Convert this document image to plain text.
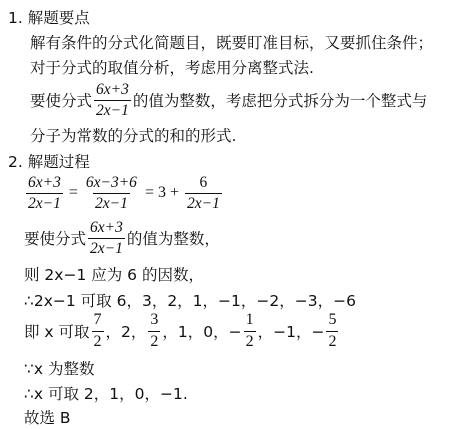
1. 解题要点
解有条件的分式化简题目，既要盯准目标，又要抓住条件；
对于分式的取值分析，考虑用分离整式法.
要使分式 $\frac{6x+3}{2x-1}$ 的值为整数，考虑把分式拆分为一个整式与
分子为常数的分式的和的形式.
2. 解题过程
$\frac{6x+3}{2x-1} = \frac{6x-3+6}{2x-1} = 3 + \frac{6}{2x-1}$
要使分式 $\frac{6x+3}{2x-1}$ 的值为整数，
则 2x−1 应为 6 的因数，
∴2x−1 可取 6，3，2，1，−1，−2，−3，−6
即 x 可取 $\frac{7}{2}$ ，2， $\frac{3}{2}$ ，1，0，− $\frac{1}{2}$ ，−1，− $\frac{5}{2}$
∵x 为整数
∴x 可取 2，1，0，−1.
故选 B
